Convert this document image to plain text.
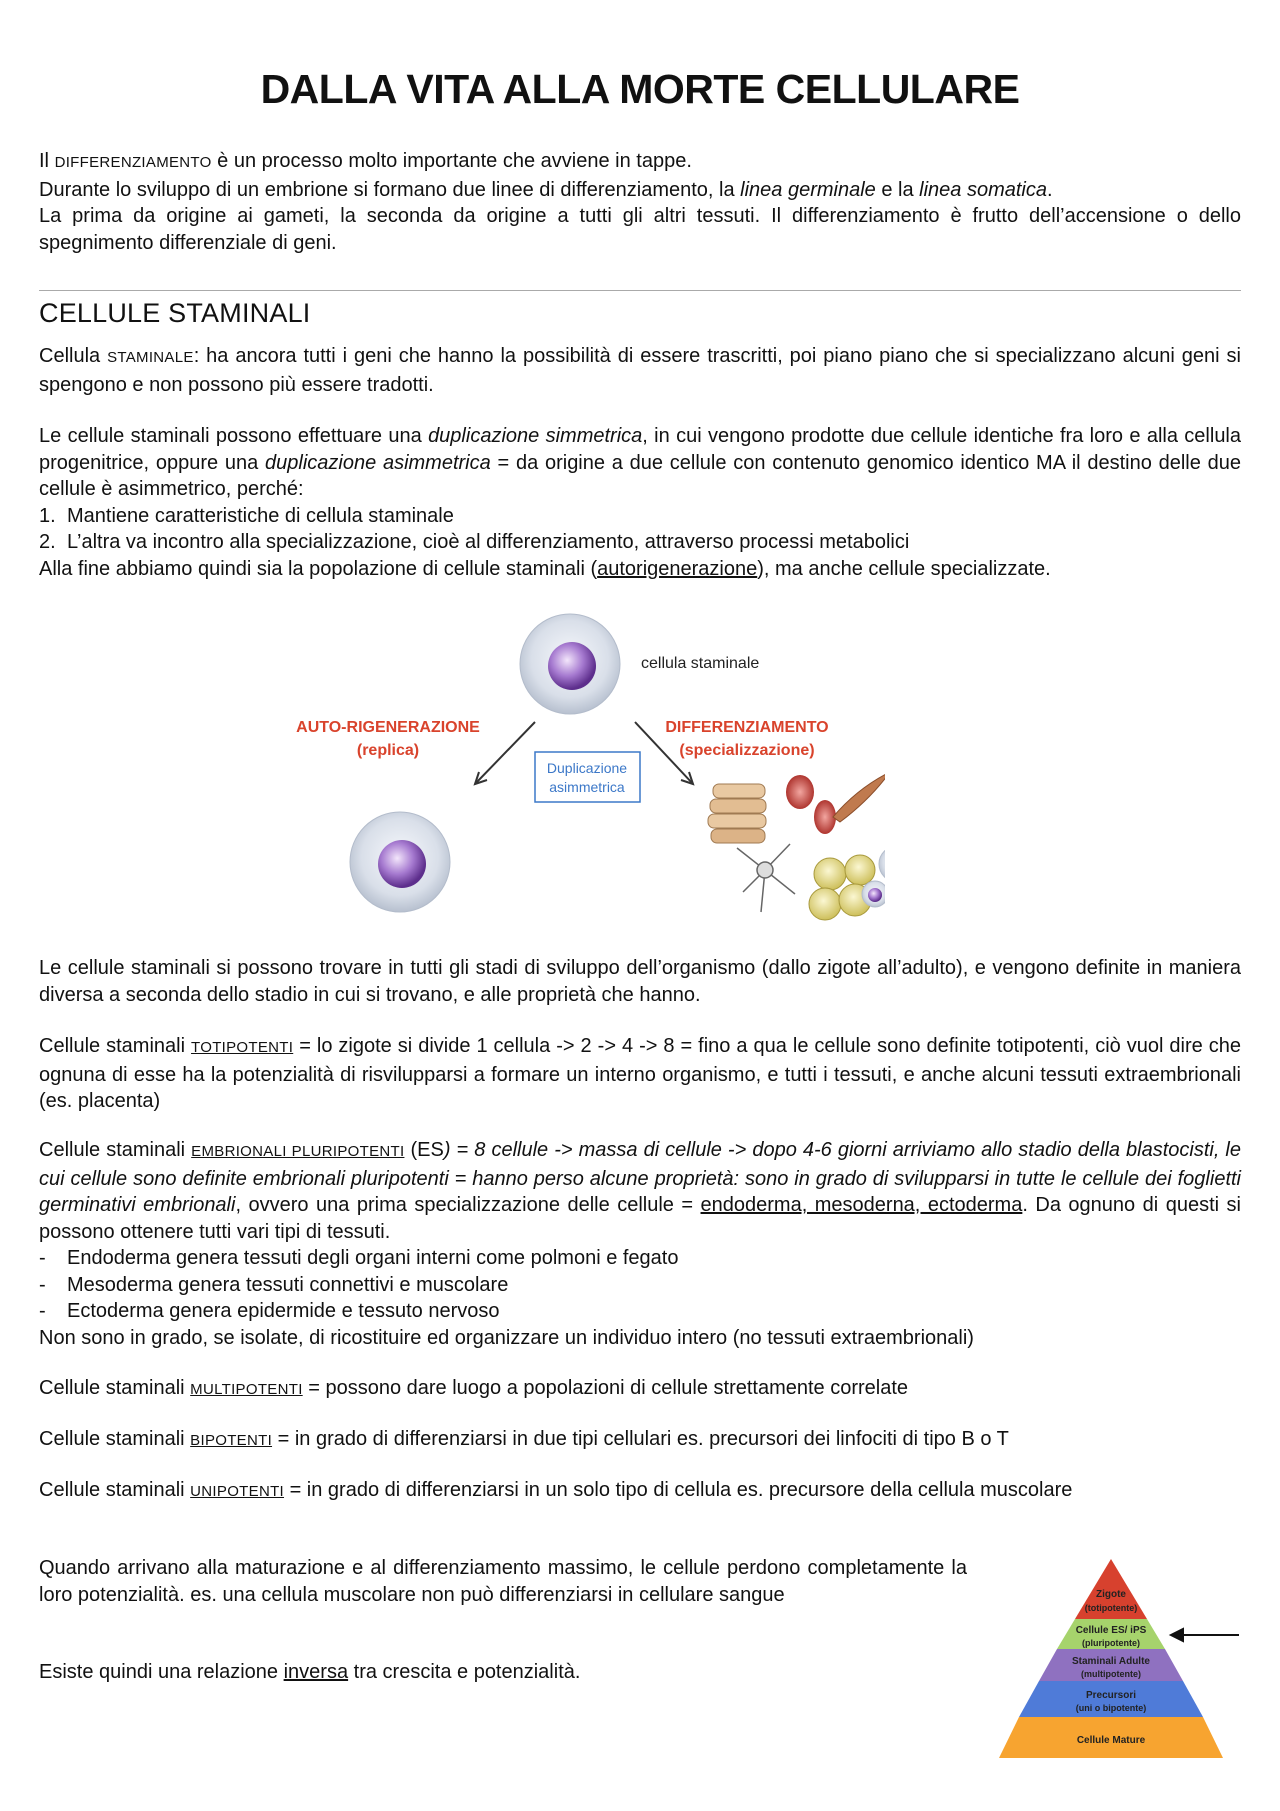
DALLA VITA ALLA MORTE CELLULARE
Il DIFFERENZIAMENTO è un processo molto importante che avviene in tappe.
Durante lo sviluppo di un embrione si formano due linee di differenziamento, la linea germinale e la linea somatica.
La prima da origine ai gameti, la seconda da origine a tutti gli altri tessuti. Il differenziamento è frutto dell’accensione o dello spegnimento differenziale di geni.
CELLULE STAMINALI
Cellula STAMINALE: ha ancora tutti i geni che hanno la possibilità di essere trascritti, poi piano piano che si specializzano alcuni geni si spengono e non possono più essere tradotti.
Le cellule staminali possono effettuare una duplicazione simmetrica, in cui vengono prodotte due cellule identiche fra loro e alla cellula progenitrice, oppure una duplicazione asimmetrica = da origine a due cellule con contenuto genomico identico MA il destino delle due cellule è asimmetrico, perché:
1. Mantiene caratteristiche di cellula staminale
2. L’altra va incontro alla specializzazione, cioè al differenziamento, attraverso processi metabolici
Alla fine abbiamo quindi sia la popolazione di cellule staminali (autorigenerazione), ma anche cellule specializzate.
cellula staminale
AUTO-RIGENERAZIONE
(replica)
DIFFERENZIAMENTO
(specializzazione)
Duplicazione
asimmetrica
Le cellule staminali si possono trovare in tutti gli stadi di sviluppo dell’organismo (dallo zigote all’adulto), e vengono definite in maniera diversa a seconda dello stadio in cui si trovano, e alle proprietà che hanno.
Cellule staminali TOTIPOTENTI = lo zigote si divide 1 cellula -> 2 -> 4 -> 8 = fino a qua le cellule sono definite totipotenti, ciò vuol dire che ognuna di esse ha la potenzialità di risvilupparsi a formare un interno organismo, e tutti i tessuti, e anche alcuni tessuti extraembrionali (es. placenta)
Cellule staminali EMBRIONALI PLURIPOTENTI (ES) = 8 cellule -> massa di cellule -> dopo 4-6 giorni arriviamo allo stadio della blastocisti, le cui cellule sono definite embrionali pluripotenti = hanno perso alcune proprietà: sono in grado di svilupparsi in tutte le cellule dei foglietti germinativi embrionali, ovvero una prima specializzazione delle cellule = endoderma, mesoderna, ectoderma. Da ognuno di questi si possono ottenere tutti vari tipi di tessuti.
-	Endoderma genera tessuti degli organi interni come polmoni e fegato
-	Mesoderma genera tessuti connettivi e muscolare
-	Ectoderma genera epidermide e tessuto nervoso
Non sono in grado, se isolate, di ricostituire ed organizzare un individuo intero (no tessuti extraembrionali)
Cellule staminali MULTIPOTENTI = possono dare luogo a popolazioni di cellule strettamente correlate
Cellule staminali BIPOTENTI = in grado di differenziarsi in due tipi cellulari es. precursori dei linfociti di tipo B o T
Cellule staminali UNIPOTENTI = in grado di differenziarsi in un solo tipo di cellula es. precursore della cellula muscolare
Quando arrivano alla maturazione e al differenziamento massimo, le cellule perdono completamente la loro potenzialità. es. una cellula muscolare non può differenziarsi in cellulare sangue
Esiste quindi una relazione inversa tra crescita e potenzialità.
Zigote
(totipotente)
Cellule ES/ iPS
(pluripotente)
Staminali Adulte
(multipotente)
Precursori
(uni o bipotente)
Cellule Mature
